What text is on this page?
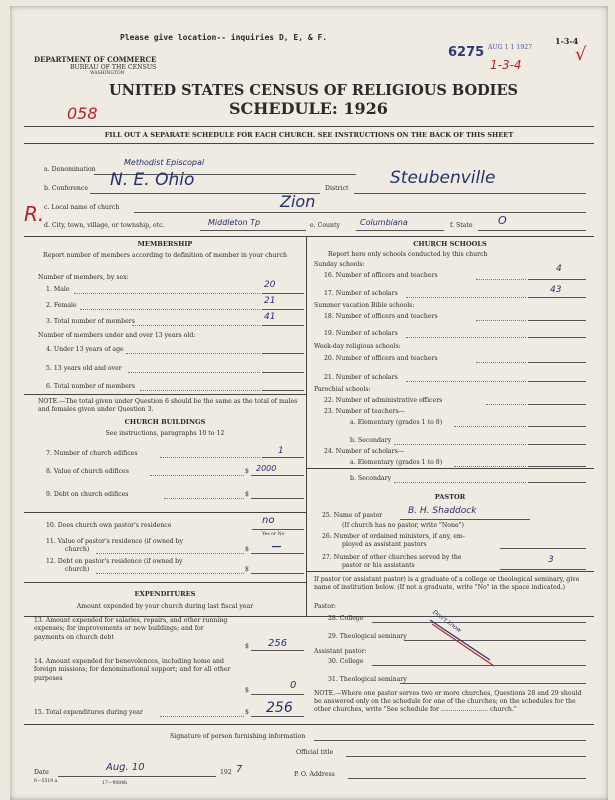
Please give location-- inquiries D, E, & F.
6275 AUG 1 1 1927
1-3-4
1-3-4	√
DEPARTMENT OF COMMERCE
BUREAU OF THE CENSUS
WASHINGTON
UNITED STATES CENSUS OF RELIGIOUS BODIES
SCHEDULE: 1926
058
FILL OUT A SEPARATE SCHEDULE FOR EACH CHURCH. SEE INSTRUCTIONS ON THE BACK OF THIS SHEET
a. Denomination
Methodist Episcopal
b. Conference N. E. Ohio	District
Steubenville
c. Local name of church	Zion
R. d. City, town, village, or township, etc.	Middleton Tp	e. County Columbiana	f. State O
MEMBERSHIP
Report number of members according to definition of member in your church
Number of members, by sex:
1. Male	20
2. Female	21
3. Total number of members	41
Number of members under and over 13 years old:
4. Under 13 years of age
5. 13 years old and over
6. Total number of members
NOTE.—The total given under Question 6 should be the same as the total of males and females given under Question 3.
CHURCH BUILDINGS
See instructions, paragraphs 10 to 12
7. Number of church edifices	1
8. Value of church edifices	$ 2000
9. Debt on church edifices	$
10. Does church own pastor's residence	no
Yes or No
11. Value of pastor's residence (if owned by
church)	$	—
12. Debt on pastor's residence (if owned by
church)	$
EXPENDITURES
Amount expended by your church during last fiscal year
13. Amount expended for salaries, repairs, and other running expenses; for improvements or new buildings; and for payments on church debt
$ 256
14. Amount expended for benevolences, including home and foreign missions; for denominational support; and for all other purposes
$	0
15. Total expenditures during year	$ 256
CHURCH SCHOOLS
Report here only schools conducted by this church
Sunday schools:
16. Number of officers and teachers
4
17. Number of scholars	43
Summer vacation Bible schools:
18. Number of officers and teachers
19. Number of scholars
Week-day religious schools:
20. Number of officers and teachers
21. Number of scholars
Parochial schools:
22. Number of administrative officers
23. Number of teachers—
a. Elementary (grades 1 to 8)
b. Secondary
24. Number of scholars—
a. Elementary (grades 1 to 8)
PASTOR
b. Secondary
25. Name of pastor	B. H. Shaddock
(If church has no pastor, write "None")
26. Number of ordained ministers, if any, em-
ployed as assistant pastors
27. Number of other churches served by the
pastor or his assistants
3
If pastor (or assistant pastor) is a graduate of a college or theological seminary, give name of institution below. (If not a graduate, write "No" in the space indicated.)
Pastor:
28. College
29. Theological seminary
Assistant pastor:
30. College
31. Theological seminary
Don't know
NOTE.—Where one pastor serves two or more churches, Questions 28 and 29 should be answered only on the schedule for one of the churches; on the schedules for the other churches, write "See schedule for ........................ church."
Signature of person furnishing information
Official title
Date	Aug. 10	192 7	P. O. Address
6—5519 a	17—9084h
